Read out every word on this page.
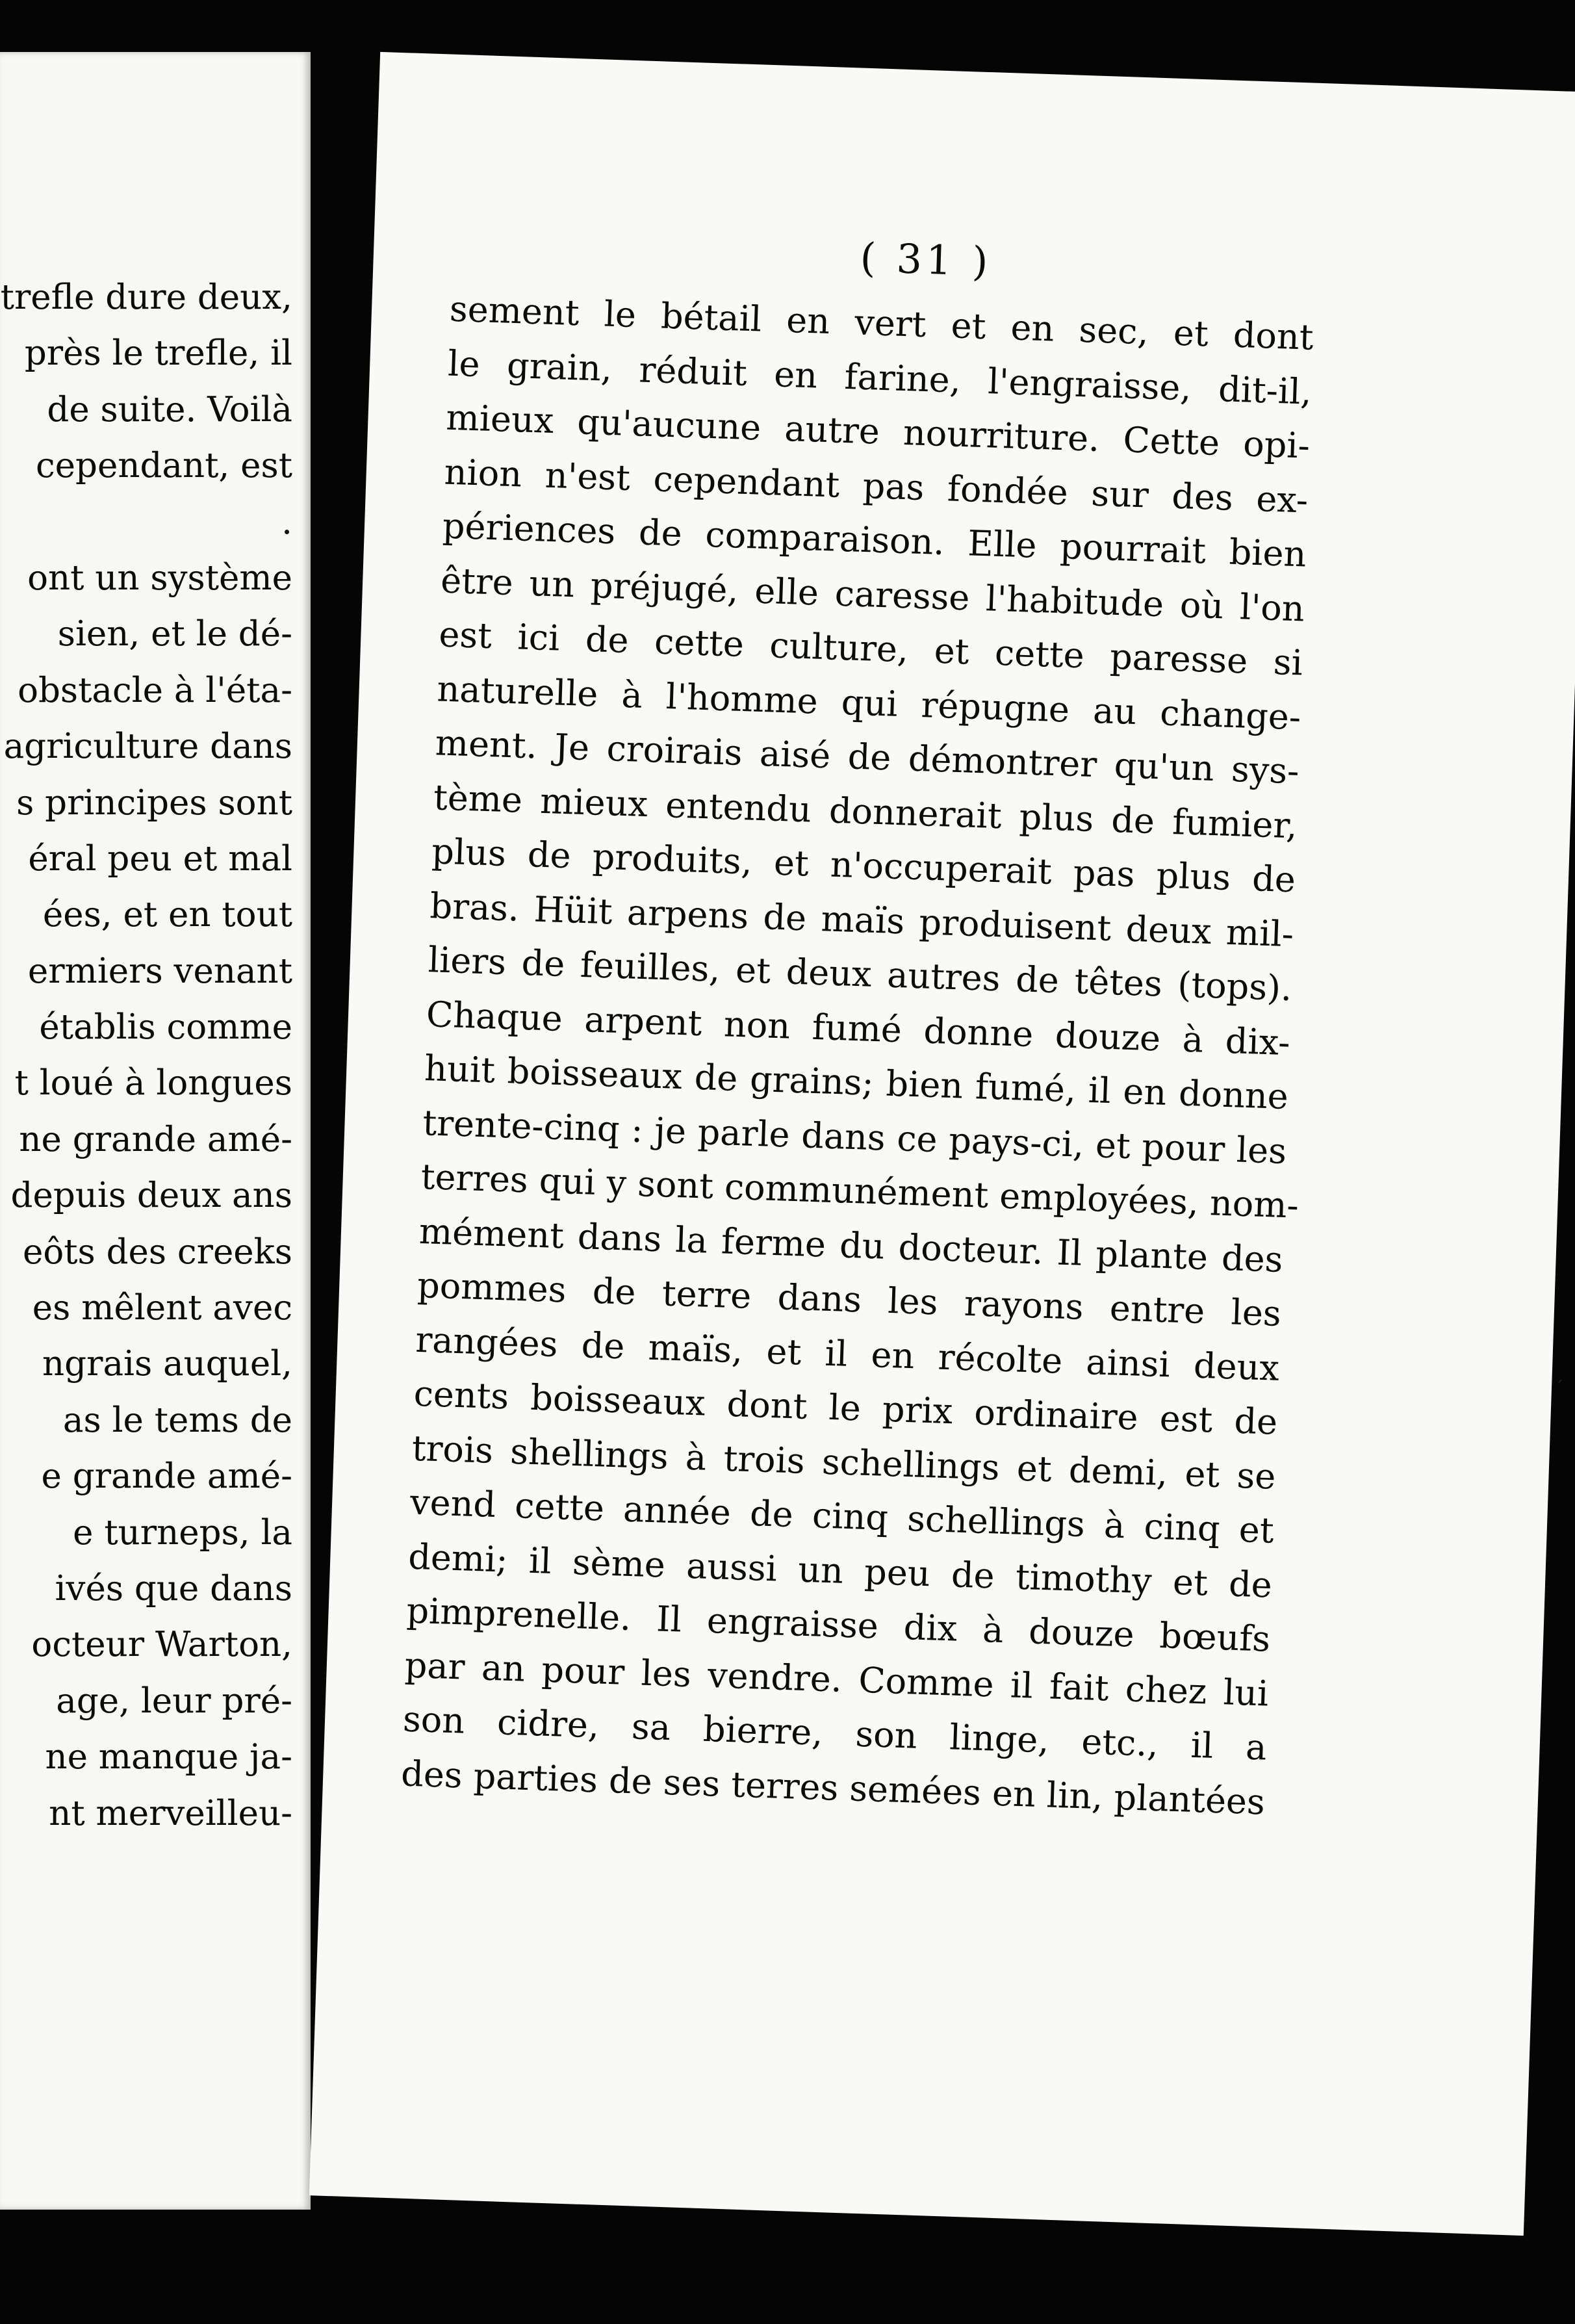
trefle dure deux,
près le trefle, il
de suite. Voilà
cependant, est
.
ont un système
sien, et le dé-
obstacle à l'éta-
agriculture dans
s principes sont
éral peu et mal
ées, et en tout
ermiers venant
établis comme
t loué à longues
ne grande amé-
depuis deux ans
eôts des creeks
es mêlent avec
ngrais auquel,
as le tems de
e grande amé-
e turneps, la
ivés que dans
octeur Warton,
age, leur pré-
ne manque ja-
nt merveilleu-
( 31 )
sement le bétail en vert et en sec, et dont
le grain, réduit en farine, l'engraisse, dit-il,
mieux qu'aucune autre nourriture. Cette opi-
nion n'est cependant pas fondée sur des ex-
périences de comparaison. Elle pourrait bien
être un préjugé, elle caresse l'habitude où l'on
est ici de cette culture, et cette paresse si
naturelle à l'homme qui répugne au change-
ment. Je croirais aisé de démontrer qu'un sys-
tème mieux entendu donnerait plus de fumier,
plus de produits, et n'occuperait pas plus de
bras. Hüit arpens de maïs produisent deux mil-
liers de feuilles, et deux autres de têtes (tops).
Chaque arpent non fumé donne douze à dix-
huit boisseaux de grains; bien fumé, il en donne
trente-cinq : je parle dans ce pays-ci, et pour les
terres qui y sont communément employées, nom-
mément dans la ferme du docteur. Il plante des
pommes de terre dans les rayons entre les
rangées de maïs, et il en récolte ainsi deux
cents boisseaux dont le prix ordinaire est de
trois shellings à trois schellings et demi, et se
vend cette année de cinq schellings à cinq et
demi; il sème aussi un peu de timothy et de
pimprenelle. Il engraisse dix à douze bœufs
par an pour les vendre. Comme il fait chez lui
son cidre, sa bierre, son linge, etc., il a
des parties de ses terres semées en lin, plantées
′
